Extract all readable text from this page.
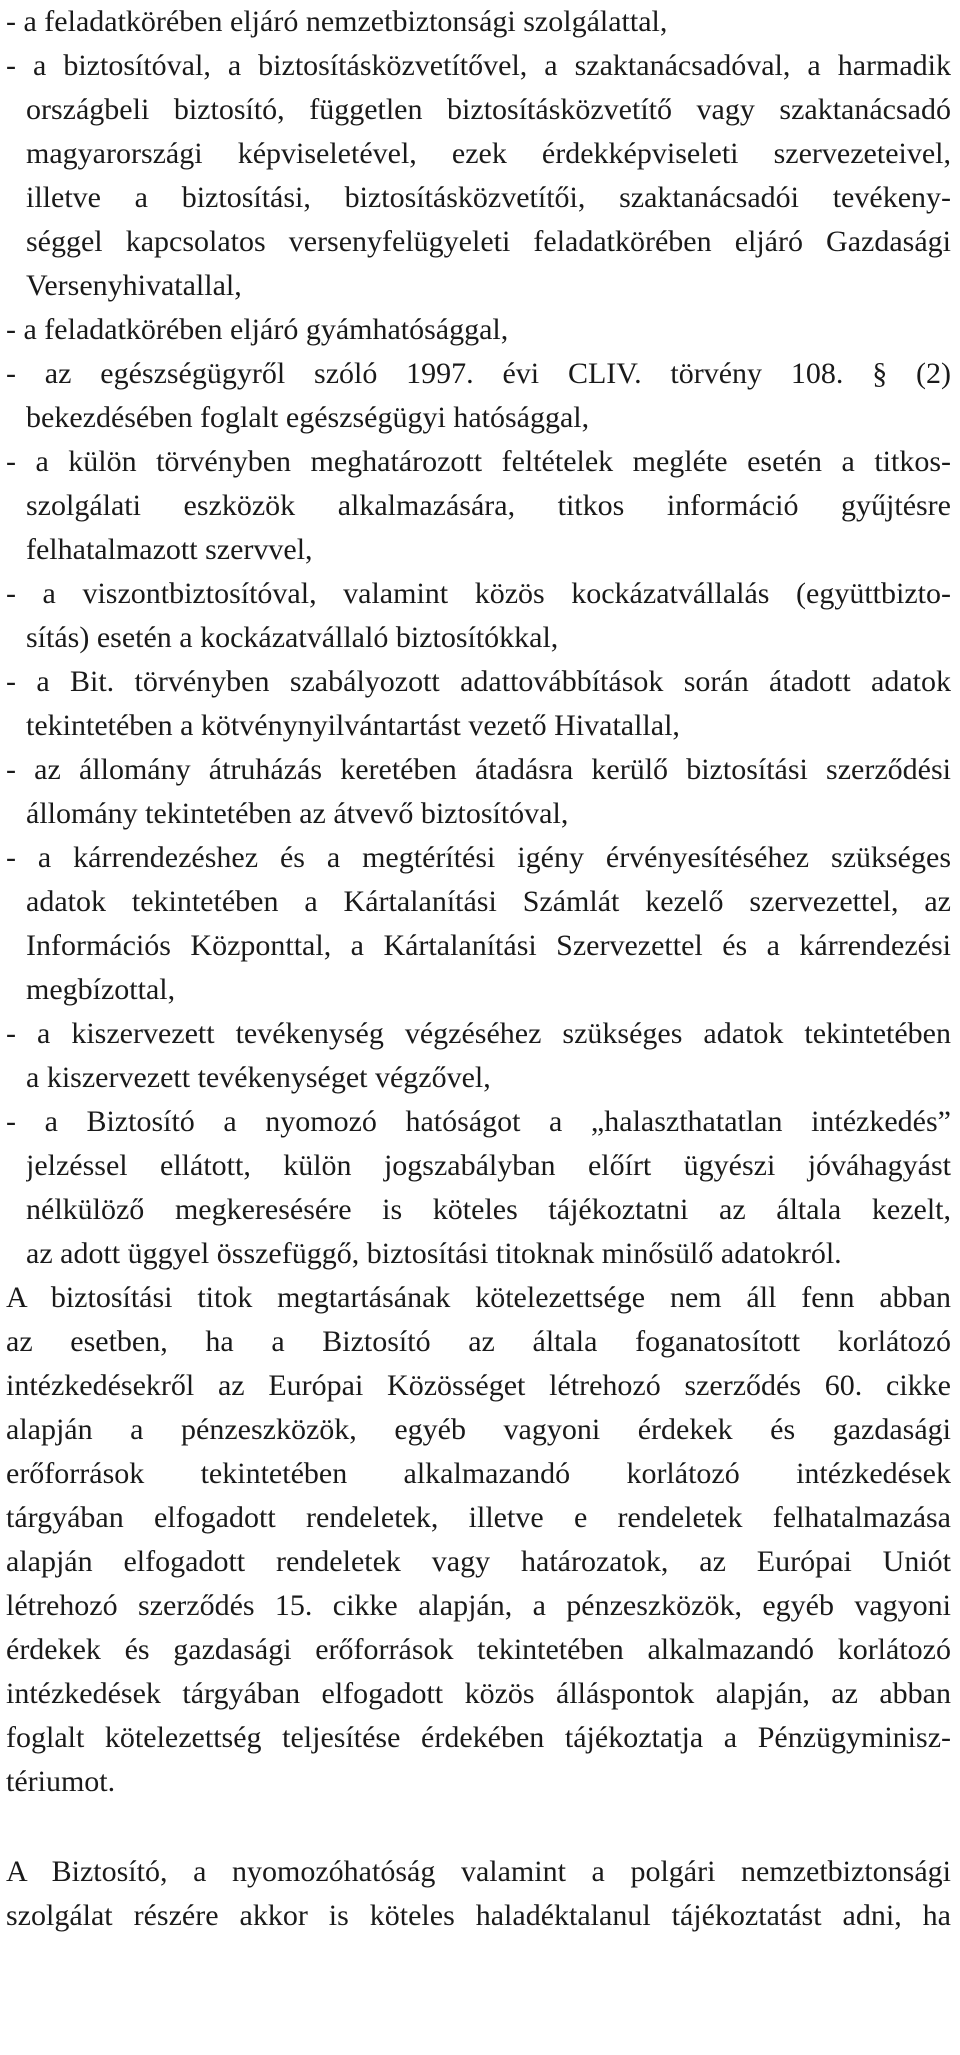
- a feladatkörében eljáró nemzetbiztonsági szolgálattal,
- a biztosítóval, a biztosításközvetítővel, a szaktanácsadóval, a harmadik
országbeli biztosító, független biztosításközvetítő vagy szaktanácsadó
magyarországi képviseletével, ezek érdekképviseleti szervezeteivel,
illetve a biztosítási, biztosításközvetítői, szaktanácsadói tevékeny-
séggel kapcsolatos versenyfelügyeleti feladatkörében eljáró Gazdasági
Versenyhivatallal,
- a feladatkörében eljáró gyámhatósággal,
- az egészségügyről szóló 1997. évi CLIV. törvény 108. § (2)
bekezdésében foglalt egészségügyi hatósággal,
- a külön törvényben meghatározott feltételek megléte esetén a titkos-
szolgálati eszközök alkalmazására, titkos információ gyűjtésre
felhatalmazott szervvel,
- a viszontbiztosítóval, valamint közös kockázatvállalás (együttbizto-
sítás) esetén a kockázatvállaló biztosítókkal,
- a Bit. törvényben szabályozott adattovábbítások során átadott adatok
tekintetében a kötvénynyilvántartást vezető Hivatallal,
- az állomány átruházás keretében átadásra kerülő biztosítási szerződési
állomány tekintetében az átvevő biztosítóval,
- a kárrendezéshez és a megtérítési igény érvényesítéséhez szükséges
adatok tekintetében a Kártalanítási Számlát kezelő szervezettel, az
Információs Központtal, a Kártalanítási Szervezettel és a kárrendezési
megbízottal,
- a kiszervezett tevékenység végzéséhez szükséges adatok tekintetében
a kiszervezett tevékenységet végzővel,
- a Biztosító a nyomozó hatóságot a „halaszthatatlan intézkedés”
jelzéssel ellátott, külön jogszabályban előírt ügyészi jóváhagyást
nélkülöző megkeresésére is köteles tájékoztatni az általa kezelt,
az adott üggyel összefüggő, biztosítási titoknak minősülő adatokról.
A biztosítási titok megtartásának kötelezettsége nem áll fenn abban
az esetben, ha a Biztosító az általa foganatosított korlátozó
intézkedésekről az Európai Közösséget létrehozó szerződés 60. cikke
alapján a pénzeszközök, egyéb vagyoni érdekek és gazdasági
erőforrások tekintetében alkalmazandó korlátozó intézkedések
tárgyában elfogadott rendeletek, illetve e rendeletek felhatalmazása
alapján elfogadott rendeletek vagy határozatok, az Európai Uniót
létrehozó szerződés 15. cikke alapján, a pénzeszközök, egyéb vagyoni
érdekek és gazdasági erőforrások tekintetében alkalmazandó korlátozó
intézkedések tárgyában elfogadott közös álláspontok alapján, az abban
foglalt kötelezettség teljesítése érdekében tájékoztatja a Pénzügyminisz-
tériumot.
A Biztosító, a nyomozóhatóság valamint a polgári nemzetbiztonsági
szolgálat részére akkor is köteles haladéktalanul tájékoztatást adni, ha
